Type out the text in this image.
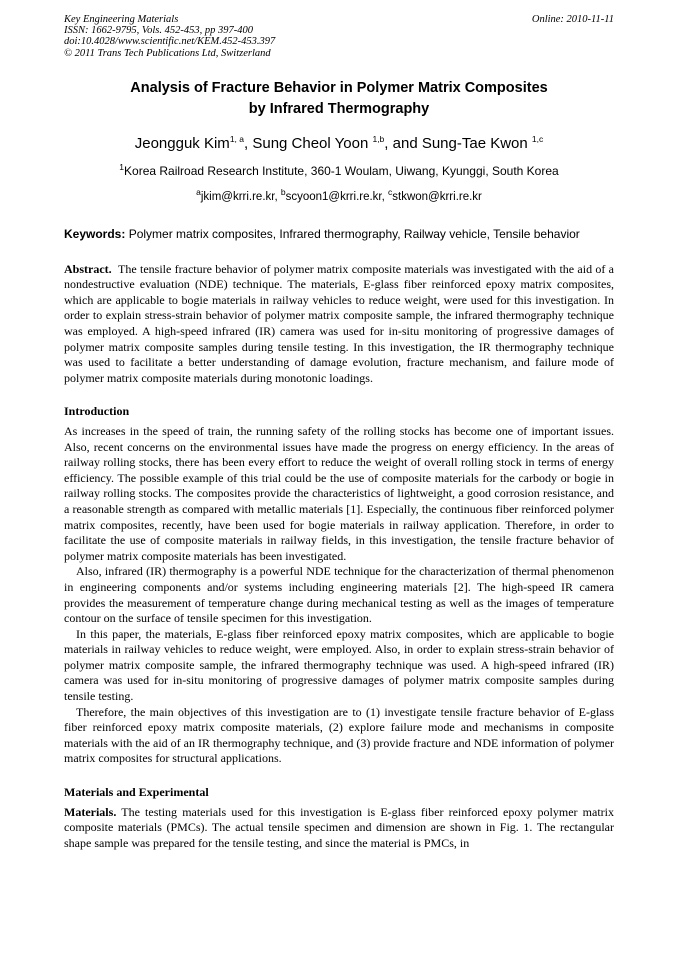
Key Engineering Materials
ISSN: 1662-9795, Vols. 452-453, pp 397-400
doi:10.4028/www.scientific.net/KEM.452-453.397
© 2011 Trans Tech Publications Ltd, Switzerland
Online: 2010-11-11
Analysis of Fracture Behavior in Polymer Matrix Composites
by Infrared Thermography
Jeongguk Kim$^{1, a}$, Sung Cheol Yoon $^{1,b}$, and Sung-Tae Kwon $^{1,c}$
$^1$Korea Railroad Research Institute, 360-1 Woulam, Uiwang, Kyunggi, South Korea
$^a$jkim@krri.re.kr, $^b$scyoon1@krri.re.kr, $^c$stkwon@krri.re.kr
Keywords: Polymer matrix composites, Infrared thermography, Railway vehicle, Tensile behavior

Abstract. The tensile fracture behavior of polymer matrix composite materials was investigated with the aid of a nondestructive evaluation (NDE) technique. The materials, E-glass fiber reinforced epoxy matrix composites, which are applicable to bogie materials in railway vehicles to reduce weight, were used for this investigation. In order to explain stress-strain behavior of polymer matrix composite sample, the infrared thermography technique was employed. A high-speed infrared (IR) camera was used for in-situ monitoring of progressive damages of polymer matrix composite samples during tensile testing. In this investigation, the IR thermography technique was used to facilitate a better understanding of damage evolution, fracture mechanism, and failure mode of polymer matrix composite materials during monotonic loadings.

Introduction

As increases in the speed of train, the running safety of the rolling stocks has become one of important issues. Also, recent concerns on the environmental issues have made the progress on energy efficiency. In the areas of railway rolling stocks, there has been every effort to reduce the weight of overall rolling stock in terms of energy efficiency. The possible example of this trial could be the use of composite materials for the carbody or bogie in railway rolling stocks. The composites provide the characteristics of lightweight, a good corrosion resistance, and a reasonable strength as compared with metallic materials [1]. Especially, the continuous fiber reinforced polymer matrix composites, recently, have been used for bogie materials in railway application. Therefore, in order to facilitate the use of composite materials in railway fields, in this investigation, the tensile fracture behavior of polymer matrix composite materials has been investigated.

Also, infrared (IR) thermography is a powerful NDE technique for the characterization of thermal phenomenon in engineering components and/or systems including engineering materials [2]. The high-speed IR camera provides the measurement of temperature change during mechanical testing as well as the images of temperature contour on the surface of tensile specimen for this investigation.

In this paper, the materials, E-glass fiber reinforced epoxy matrix composites, which are applicable to bogie materials in railway vehicles to reduce weight, were employed. Also, in order to explain stress-strain behavior of polymer matrix composite sample, the infrared thermography technique was used. A high-speed infrared (IR) camera was used for in-situ monitoring of progressive damages of polymer matrix composite samples during tensile testing.

Therefore, the main objectives of this investigation are to (1) investigate tensile fracture behavior of E-glass fiber reinforced epoxy matrix composite materials, (2) explore failure mode and mechanisms in composite materials with the aid of an IR thermography technique, and (3) provide fracture and NDE information of polymer matrix composites for structural applications.

Materials and Experimental

Materials. The testing materials used for this investigation is E-glass fiber reinforced epoxy polymer matrix composite materials (PMCs). The actual tensile specimen and dimension are shown in Fig. 1. The rectangular shape sample was prepared for the tensile testing, and since the material is PMCs, in
